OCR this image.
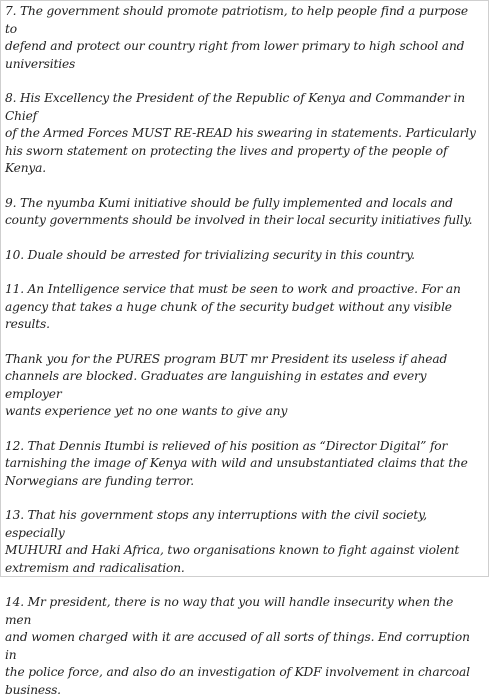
7. The government should promote patriotism, to help people find a purpose to
defend and protect our country right from lower primary to high school and
universities

8. His Excellency the President of the Republic of Kenya and Commander in Chief
of the Armed Forces MUST RE-READ his swearing in statements. Particularly
his sworn statement on protecting the lives and property of the people of Kenya.

9. The nyumba Kumi initiative should be fully implemented and locals and
county governments should be involved in their local security initiatives fully.

10. Duale should be arrested for trivializing security in this country.

11. An Intelligence service that must be seen to work and proactive. For an
agency that takes a huge chunk of the security budget without any visible
results.

Thank you for the PURES program BUT mr President its useless if ahead
channels are blocked. Graduates are languishing in estates and every employer
wants experience yet no one wants to give any

12. That Dennis Itumbi is relieved of his position as “Director Digital” for
tarnishing the image of Kenya with wild and unsubstantiated claims that the
Norwegians are funding terror.

13. That his government stops any interruptions with the civil society, especially
MUHURI and Haki Africa, two organisations known to fight against violent
extremism and radicalisation.

14. Mr president, there is no way that you will handle insecurity when the men
and women charged with it are accused of all sorts of things. End corruption in
the police force, and also do an investigation of KDF involvement in charcoal
business.
